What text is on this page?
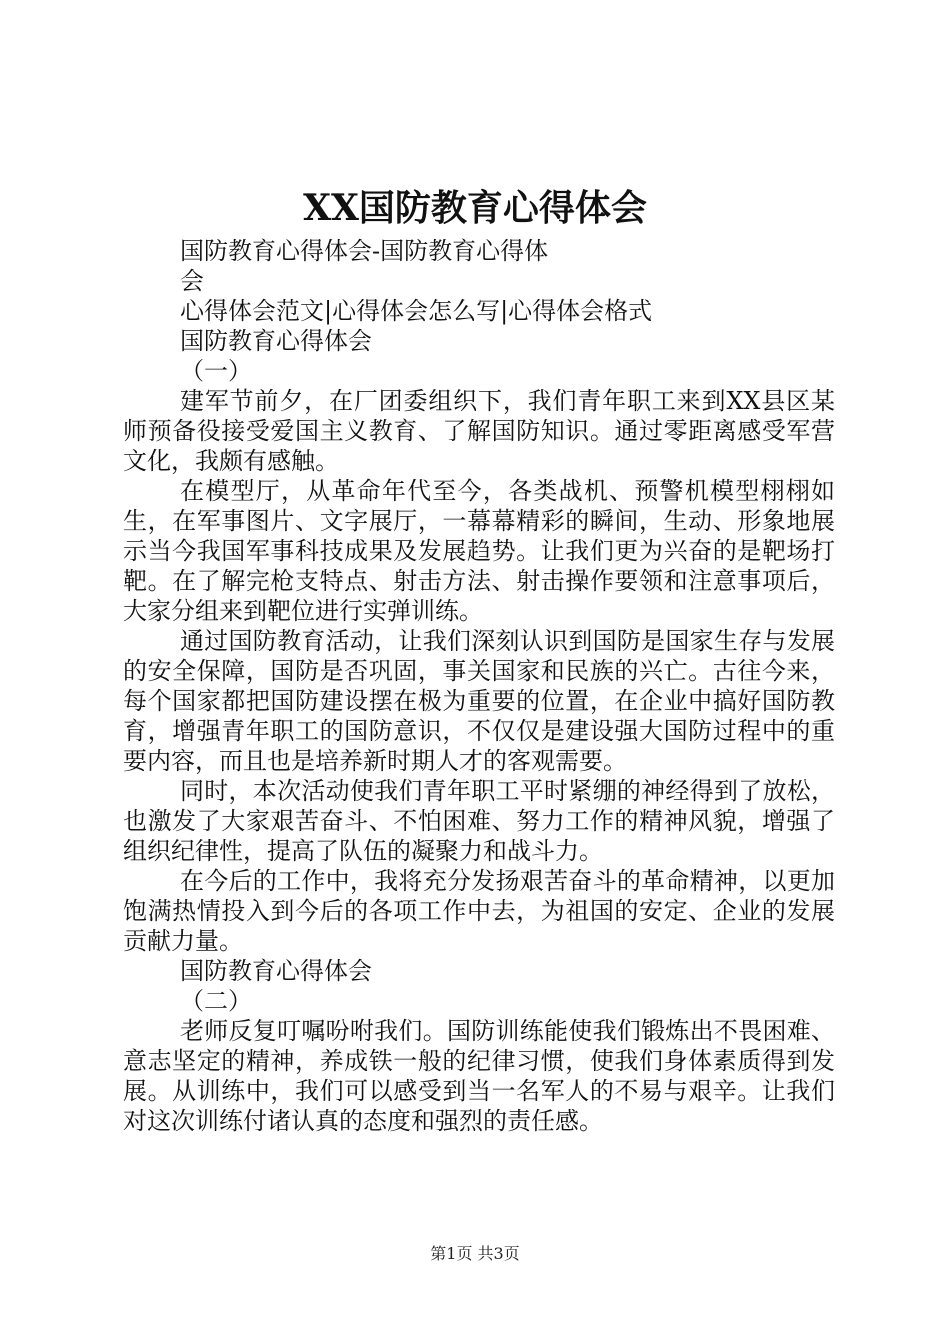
XX国防教育心得体会

国防教育心得体会-国防教育心得体

会

心得体会范文|心得体会怎么写|心得体会格式

国防教育心得体会

（一）

建军节前夕，在厂团委组织下，我们青年职工来到XX县区某师预备役接受爱国主义教育、了解国防知识。通过零距离感受军营文化，我颇有感触。

在模型厅，从革命年代至今，各类战机、预警机模型栩栩如生，在军事图片、文字展厅，一幕幕精彩的瞬间，生动、形象地展示当今我国军事科技成果及发展趋势。让我们更为兴奋的是靶场打靶。在了解完枪支特点、射击方法、射击操作要领和注意事项后，大家分组来到靶位进行实弹训练。

通过国防教育活动，让我们深刻认识到国防是国家生存与发展的安全保障，国防是否巩固，事关国家和民族的兴亡。古往今来，每个国家都把国防建设摆在极为重要的位置，在企业中搞好国防教育，增强青年职工的国防意识，不仅仅是建设强大国防过程中的重要内容，而且也是培养新时期人才的客观需要。

同时，本次活动使我们青年职工平时紧绷的神经得到了放松，也激发了大家艰苦奋斗、不怕困难、努力工作的精神风貌，增强了组织纪律性，提高了队伍的凝聚力和战斗力。

在今后的工作中，我将充分发扬艰苦奋斗的革命精神，以更加饱满热情投入到今后的各项工作中去，为祖国的安定、企业的发展贡献力量。

国防教育心得体会

（二）

老师反复叮嘱吩咐我们。国防训练能使我们锻炼出不畏困难、意志坚定的精神，养成铁一般的纪律习惯，使我们身体素质得到发展。从训练中，我们可以感受到当一名军人的不易与艰辛。让我们对这次训练付诸认真的态度和强烈的责任感。

第1页 共3页
